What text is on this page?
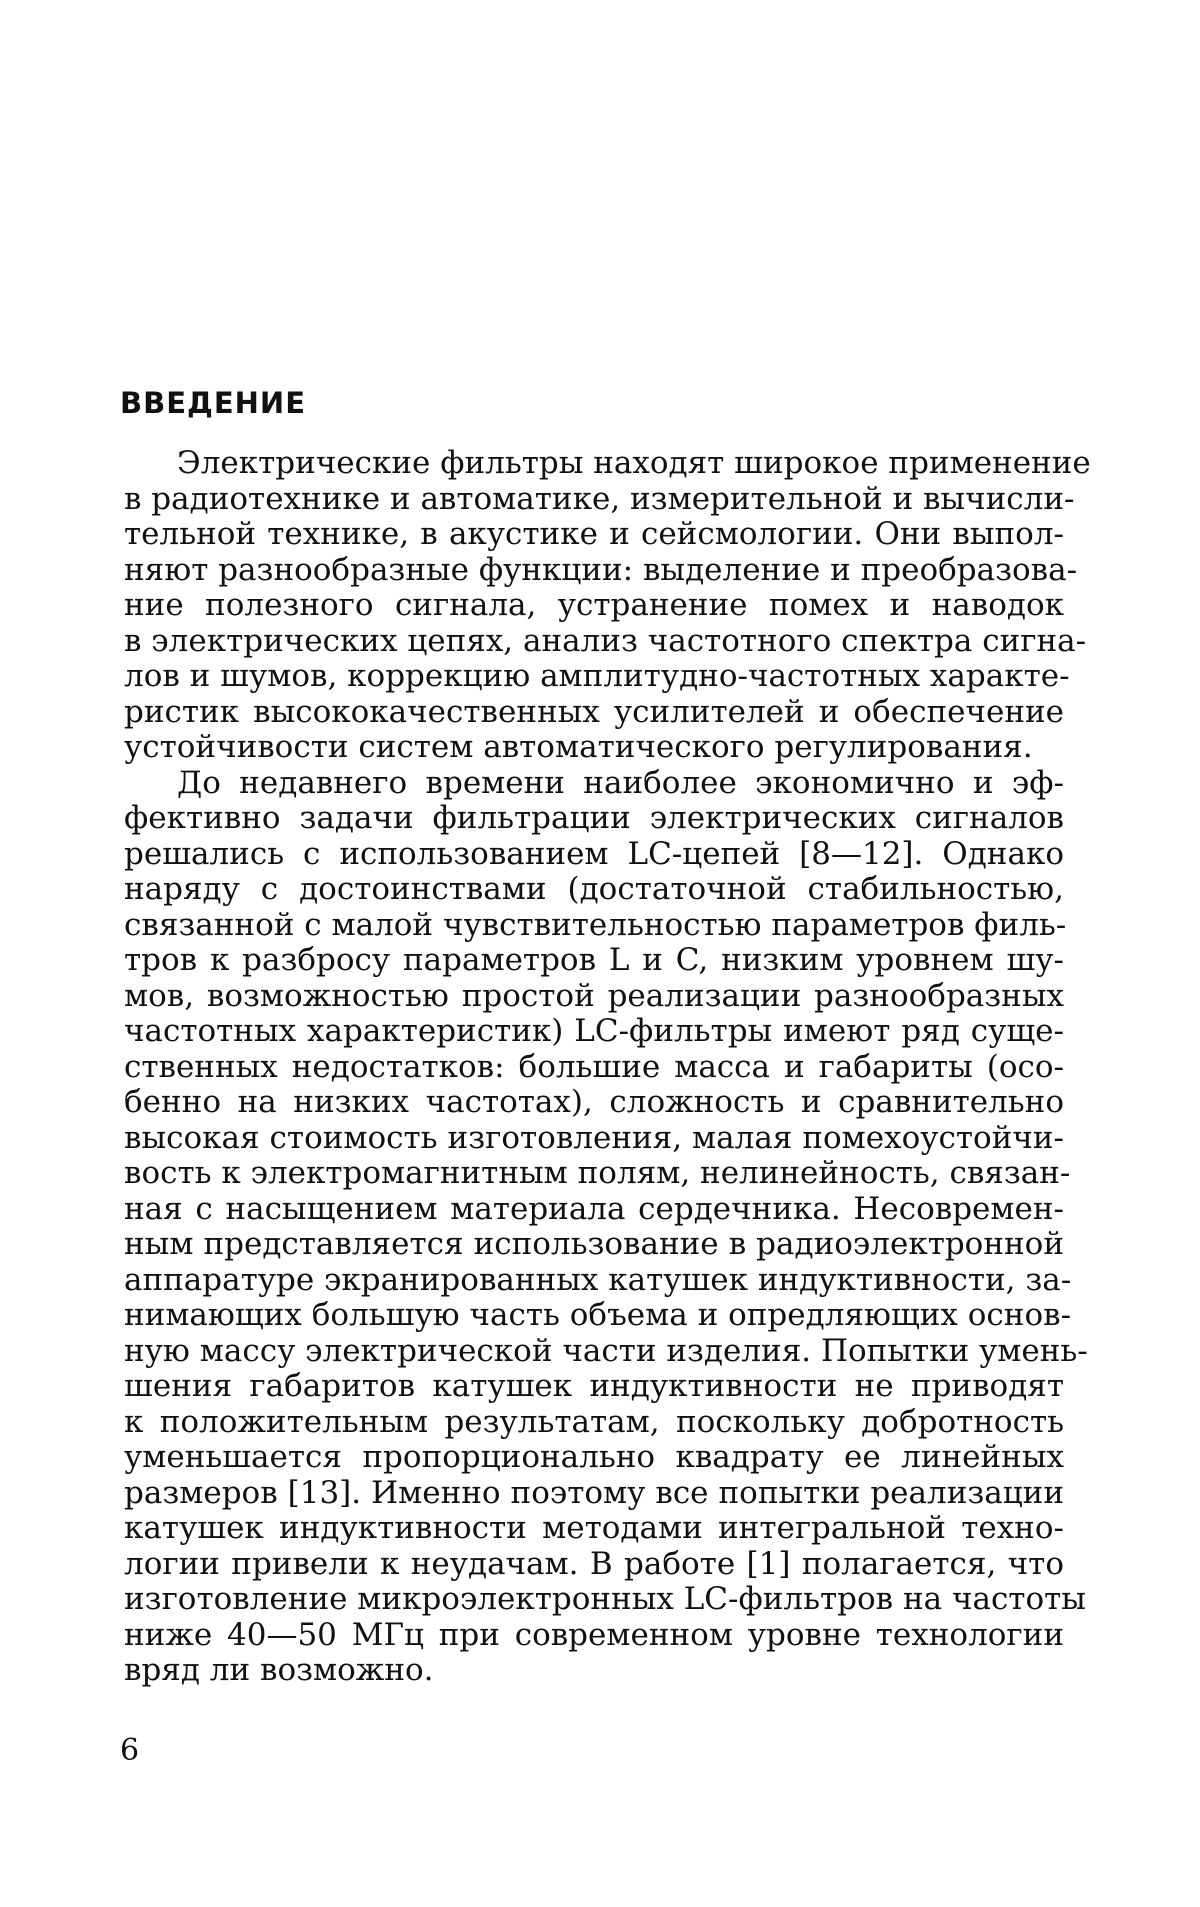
ВВЕДЕНИЕ
Электрические фильтры находят широкое применение
в радиотехнике и автоматике, измерительной и вычисли-
тельной технике, в акустике и сейсмологии. Они выпол-
няют разнообразные функции: выделение и преобразова-
ние полезного сигнала, устранение помех и наводок
в электрических цепях, анализ частотного спектра сигна-
лов и шумов, коррекцию амплитудно-частотных характе-
ристик высококачественных усилителей и обеспечение
устойчивости систем автоматического регулирования.
До недавнего времени наиболее экономично и эф-
фективно задачи фильтрации электрических сигналов
решались с использованием LC-цепей [8—12]. Однако
наряду с достоинствами (достаточной стабильностью,
связанной с малой чувствительностью параметров филь-
тров к разбросу параметров L и C, низким уровнем шу-
мов, возможностью простой реализации разнообразных
частотных характеристик) LC-фильтры имеют ряд суще-
ственных недостатков: большие масса и габариты (осо-
бенно на низких частотах), сложность и сравнительно
высокая стоимость изготовления, малая помехоустойчи-
вость к электромагнитным полям, нелинейность, связан-
ная с насыщением материала сердечника. Несовремен-
ным представляется использование в радиоэлектронной
аппаратуре экранированных катушек индуктивности, за-
нимающих большую часть объема и опредляющих основ-
ную массу электрической части изделия. Попытки умень-
шения габаритов катушек индуктивности не приводят
к положительным результатам, поскольку добротность
уменьшается пропорционально квадрату ее линейных
размеров [13]. Именно поэтому все попытки реализации
катушек индуктивности методами интегральной техно-
логии привели к неудачам. В работе [1] полагается, что
изготовление микроэлектронных LC-фильтров на частоты
ниже 40—50 МГц при современном уровне технологии
вряд ли возможно.
6
